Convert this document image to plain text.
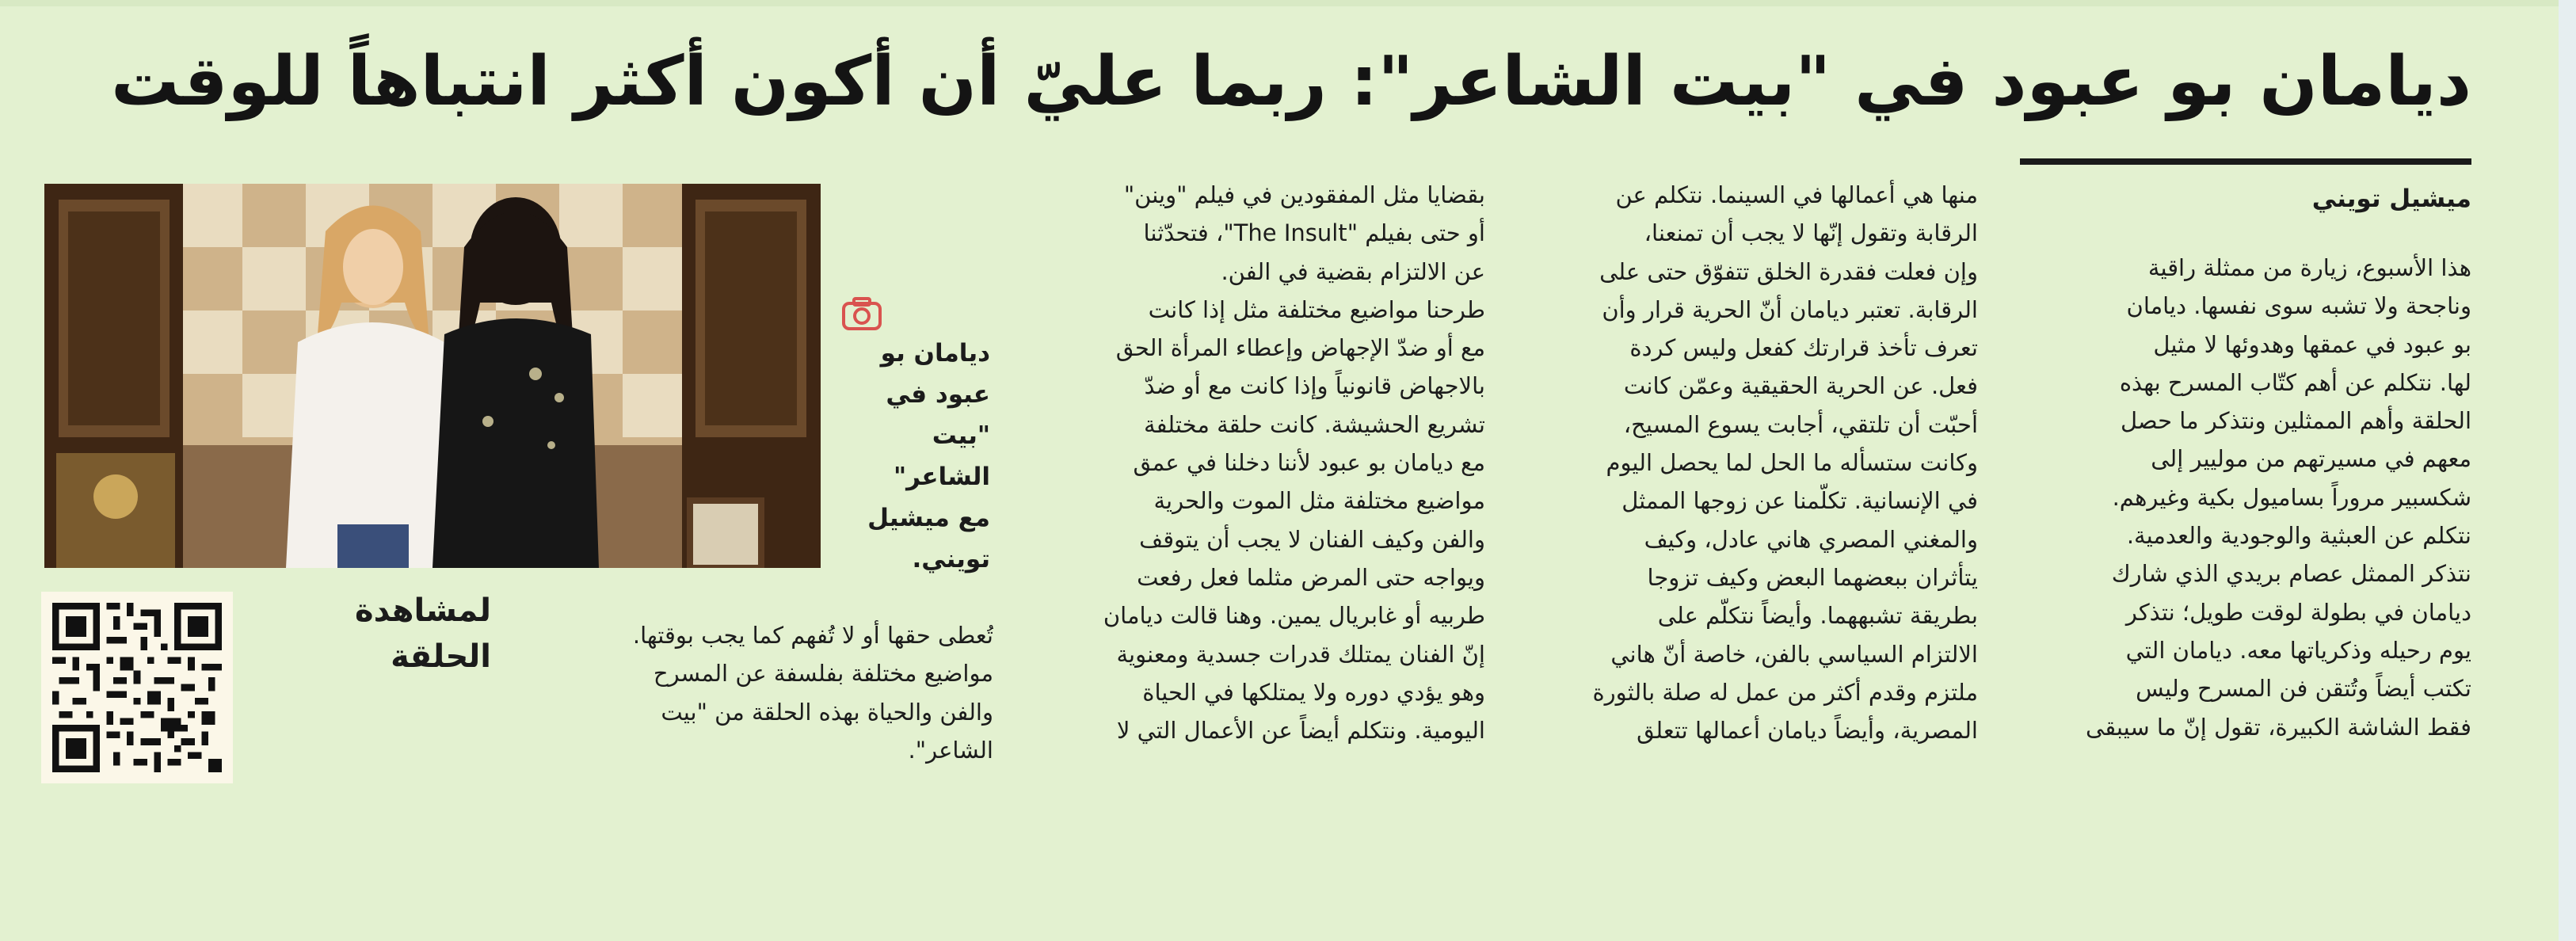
ديامان بو عبود في "بيت الشاعر": ربما عليّ أن أكون أكثر انتباهاً للوقت
ميشيل تويني
هذا الأسبوع، زيارة من ممثلة راقية
وناجحة ولا تشبه سوى نفسها. ديامان
بو عبود في عمقها وهدوئها لا مثيل
لها. نتكلم عن أهم كتّاب المسرح بهذه
الحلقة وأهم الممثلين ونتذكر ما حصل
معهم في مسيرتهم من موليير إلى
شكسبير مروراً بساميول بكية وغيرهم.
نتكلم عن العبثية والوجودية والعدمية.
نتذكر الممثل عصام بريدي الذي شارك
ديامان في بطولة لوقت طويل؛ نتذكر
يوم رحيله وذكرياتها معه. ديامان التي
تكتب أيضاً وتُتقن فن المسرح وليس
فقط الشاشة الكبيرة، تقول إنّ ما سيبقى
منها هي أعمالها في السينما. نتكلم عن
الرقابة وتقول إنّها لا يجب أن تمنعنا،
وإن فعلت فقدرة الخلق تتفوّق حتى على
الرقابة. تعتبر ديامان أنّ الحرية قرار وأن
تعرف تأخذ قرارتك كفعل وليس كردة
فعل. عن الحرية الحقيقية وعمّن كانت
أحبّت أن تلتقي، أجابت يسوع المسيح،
وكانت ستسأله ما الحل لما يحصل اليوم
في الإنسانية. تكلّمنا عن زوجها الممثل
والمغني المصري هاني عادل، وكيف
يتأثران ببعضهما البعض وكيف تزوجا
بطريقة تشبههما. وأيضاً نتكلّم على
الالتزام السياسي بالفن، خاصة أنّ هاني
ملتزم وقدم أكثر من عمل له صلة بالثورة
المصرية، وأيضاً ديامان أعمالها تتعلق
بقضايا مثل المفقودين في فيلم "وينن"
أو حتى بفيلم "The Insult"، فتحدّثنا
عن الالتزام بقضية في الفن.
طرحنا مواضيع مختلفة مثل إذا كانت
مع أو ضدّ الإجهاض وإعطاء المرأة الحق
بالاجهاض قانونياً وإذا كانت مع أو ضدّ
تشريع الحشيشة. كانت حلقة مختلفة
مع ديامان بو عبود لأننا دخلنا في عمق
مواضيع مختلفة مثل الموت والحرية
والفن وكيف الفنان لا يجب أن يتوقف
ويواجه حتى المرض مثلما فعل رفعت
طربيه أو غابريال يمين. وهنا قالت ديامان
إنّ الفنان يمتلك قدرات جسدية ومعنوية
وهو يؤدي دوره ولا يمتلكها في الحياة
اليومية. ونتكلم أيضاً عن الأعمال التي لا
تُعطى حقها أو لا تُفهم كما يجب بوقتها.
مواضيع مختلفة بفلسفة عن المسرح
والفن والحياة بهذه الحلقة من "بيت
الشاعر".
ديامان بو
عبود في
"بيت الشاعر"
مع ميشيل
تويني.
لمشاهدة
الحلقة
